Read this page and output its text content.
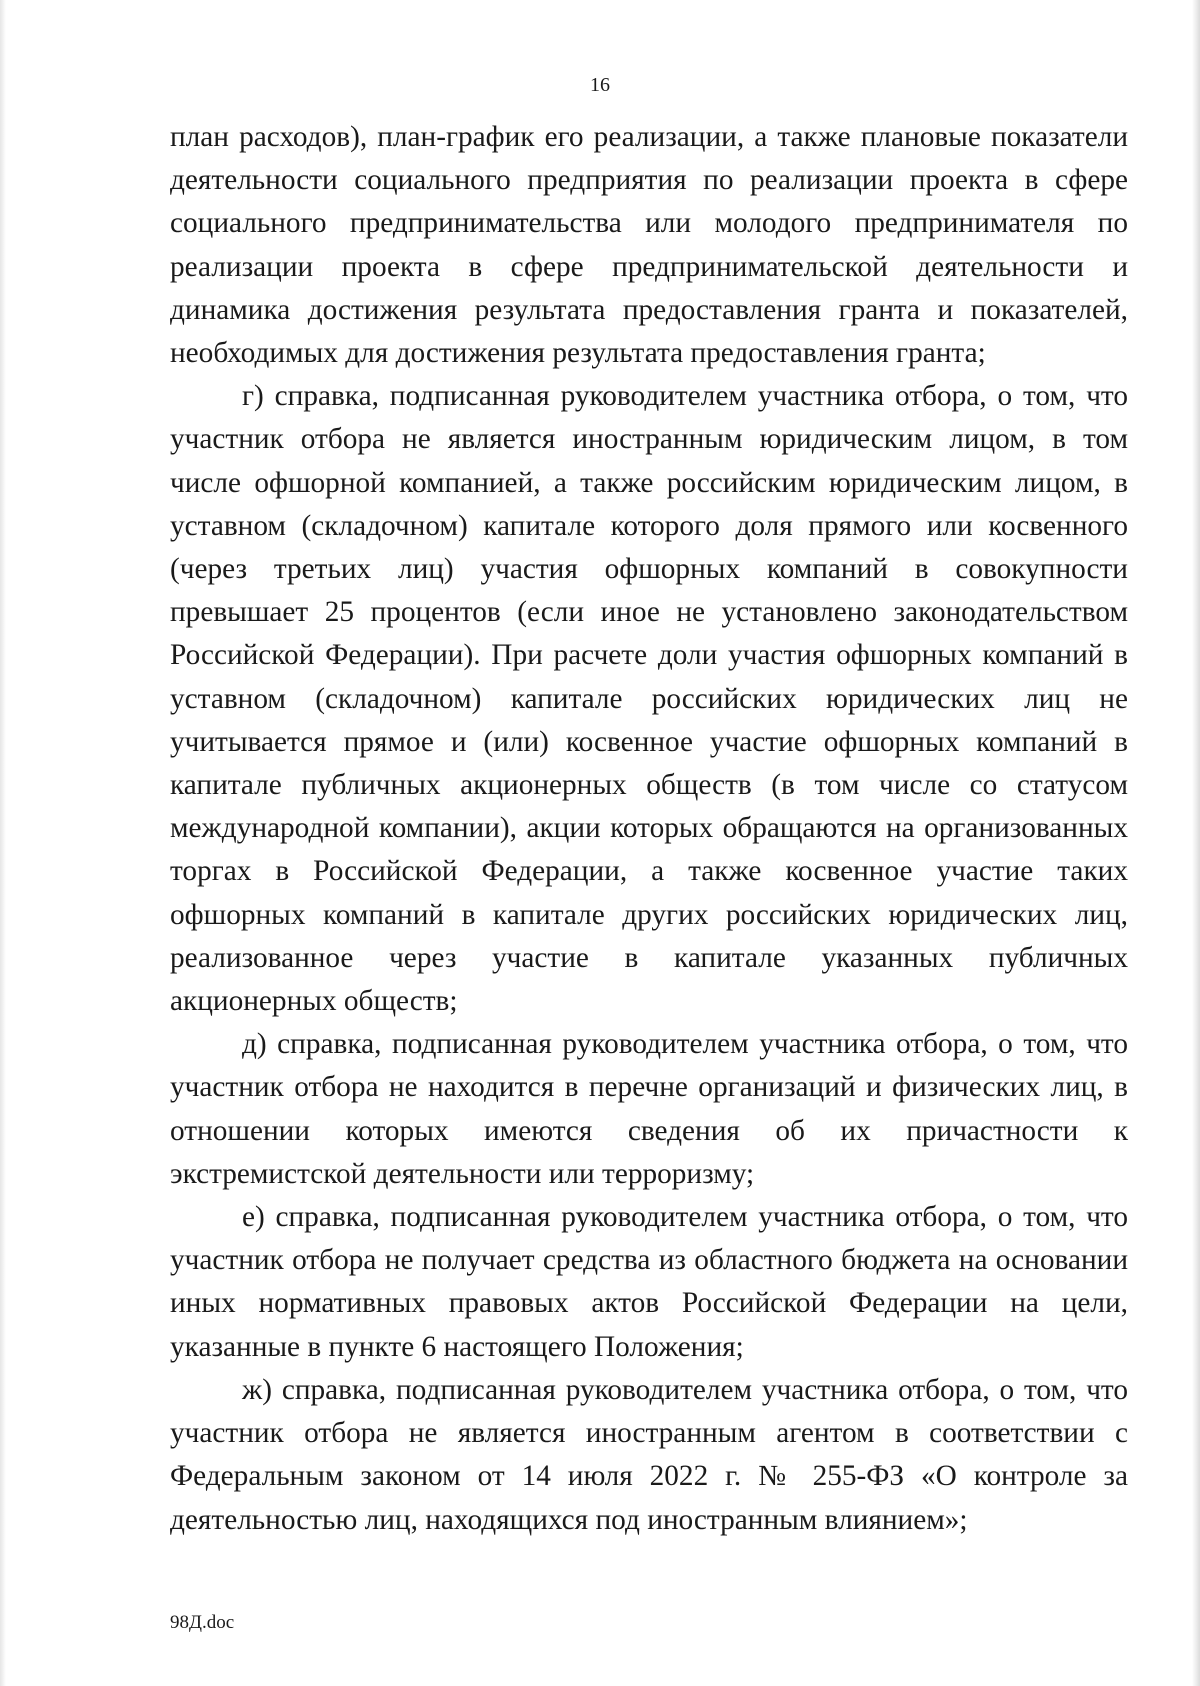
16

план расходов), план-график его реализации, а также плановые показатели деятельности социального предприятия по реализации проекта в сфере социального предпринимательства или молодого предпринимателя по реализации проекта в сфере предпринимательской деятельности и динамика достижения результата предоставления гранта и показателей, необходимых для достижения результата предоставления гранта;

г) справка, подписанная руководителем участника отбора, о том, что участник отбора не является иностранным юридическим лицом, в том числе офшорной компанией, а также российским юридическим лицом, в уставном (складочном) капитале которого доля прямого или косвенного (через третьих лиц) участия офшорных компаний в совокупности превышает 25 процентов (если иное не установлено законодательством Российской Федерации). При расчете доли участия офшорных компаний в уставном (складочном) капитале российских юридических лиц не учитывается прямое и (или) косвенное участие офшорных компаний в капитале публичных акционерных обществ (в том числе со статусом международной компании), акции которых обращаются на организованных торгах в Российской Федерации, а также косвенное участие таких офшорных компаний в капитале других российских юридических лиц, реализованное через участие в капитале указанных публичных акционерных обществ;

д) справка, подписанная руководителем участника отбора, о том, что участник отбора не находится в перечне организаций и физических лиц, в отношении которых имеются сведения об их причастности к экстремистской деятельности или терроризму;

е) справка, подписанная руководителем участника отбора, о том, что участник отбора не получает средства из областного бюджета на основании иных нормативных правовых актов Российской Федерации на цели, указанные в пункте 6 настоящего Положения;

ж) справка, подписанная руководителем участника отбора, о том, что участник отбора не является иностранным агентом в соответствии с Федеральным законом от 14 июля 2022 г. № 255-ФЗ «О контроле за деятельностью лиц, находящихся под иностранным влиянием»;

98Д.doc
